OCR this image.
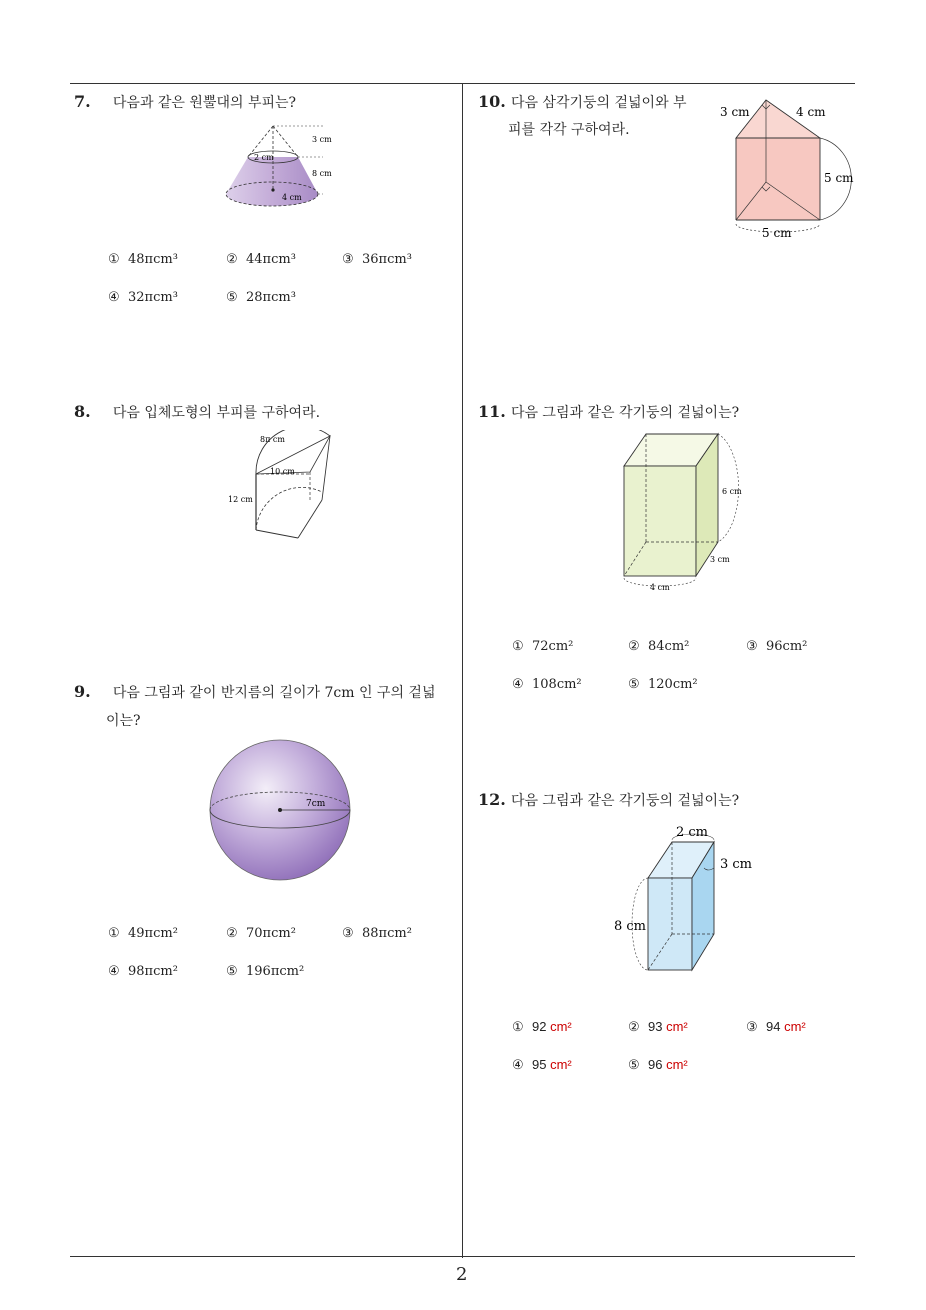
2
7. 다음과 같은 원뿔대의 부피는?
3 cm
2 cm
8 cm
4 cm
① 48πcm³	② 44πcm³	③ 36πcm³
④ 32πcm³	⑤ 28πcm³
8. 다음 입체도형의 부피를 구하여라.
8π cm
10 cm
12 cm
9. 다음 그림과 같이 반지름의 길이가 7cm 인 구의 겉넓
이는?
7cm
① 49πcm²	② 70πcm²	③ 88πcm²
④ 98πcm²	⑤ 196πcm²
10. 다음 삼각기둥의 겉넓이와 부
피를 각각 구하여라.
3 cm	4 cm
5 cm
5 cm
11. 다음 그림과 같은 각기둥의 겉넓이는?
6 cm
3 cm
4 cm
① 72cm²	② 84cm²	③ 96cm²
④ 108cm²	⑤ 120cm²
12. 다음 그림과 같은 각기둥의 겉넓이는?
2 cm
3 cm
8 cm
① 92 cm²	② 93 cm²	③ 94 cm²
④ 95 cm²	⑤ 96 cm²
